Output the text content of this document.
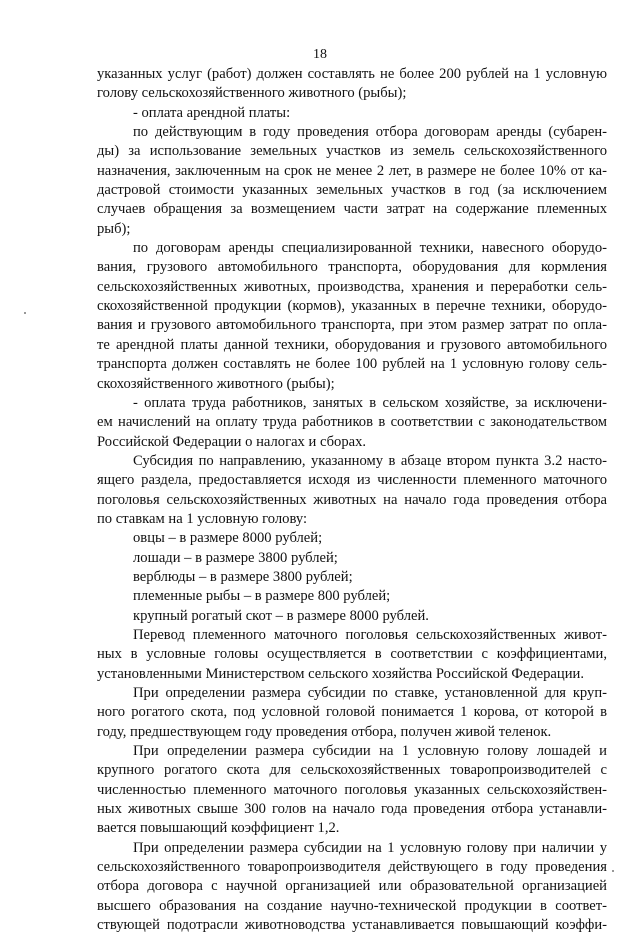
18
указанных услуг (работ) должен составлять не более 200 рублей на 1 условную
голову сельскохозяйственного животного (рыбы);
- оплата арендной платы:
по действующим в году проведения отбора договорам аренды (субарен-
ды) за использование земельных участков из земель сельскохозяйственного
назначения, заключенным на срок не менее 2 лет, в размере не более 10% от ка-
дастровой стоимости указанных земельных участков в год (за исключением
случаев обращения за возмещением части затрат на содержание племенных
рыб);
по договорам аренды специализированной техники, навесного оборудо-
вания, грузового автомобильного транспорта, оборудования для кормления
сельскохозяйственных животных, производства, хранения и переработки сель-
скохозяйственной продукции (кормов), указанных в перечне техники, оборудо-
вания и грузового автомобильного транспорта, при этом размер затрат по опла-
те арендной платы данной техники, оборудования и грузового автомобильного
транспорта должен составлять не более 100 рублей на 1 условную голову сель-
скохозяйственного животного (рыбы);
- оплата труда работников, занятых в сельском хозяйстве, за исключени-
ем начислений на оплату труда работников в соответствии с законодательством
Российской Федерации о налогах и сборах.
Субсидия по направлению, указанному в абзаце втором пункта 3.2 насто-
ящего раздела, предоставляется исходя из численности племенного маточного
поголовья сельскохозяйственных животных на начало года проведения отбора
по ставкам на 1 условную голову:
овцы – в размере 8000 рублей;
лошади – в размере 3800 рублей;
верблюды – в размере 3800 рублей;
племенные рыбы – в размере 800 рублей;
крупный рогатый скот – в размере 8000 рублей.
Перевод племенного маточного поголовья сельскохозяйственных живот-
ных в условные головы осуществляется в соответствии с коэффициентами,
установленными Министерством сельского хозяйства Российской Федерации.
При определении размера субсидии по ставке, установленной для круп-
ного рогатого скота, под условной головой понимается 1 корова, от которой в
году, предшествующем году проведения отбора, получен живой теленок.
При определении размера субсидии на 1 условную голову лошадей и
крупного рогатого скота для сельскохозяйственных товаропроизводителей с
численностью племенного маточного поголовья указанных сельскохозяйствен-
ных животных свыше 300 голов на начало года проведения отбора устанавли-
вается повышающий коэффициент 1,2.
При определении размера субсидии на 1 условную голову при наличии у
сельскохозяйственного товаропроизводителя действующего в году проведения
отбора договора с научной организацией или образовательной организацией
высшего образования на создание научно-технической продукции в соответ-
ствующей подотрасли животноводства устанавливается повышающий коэффи-
